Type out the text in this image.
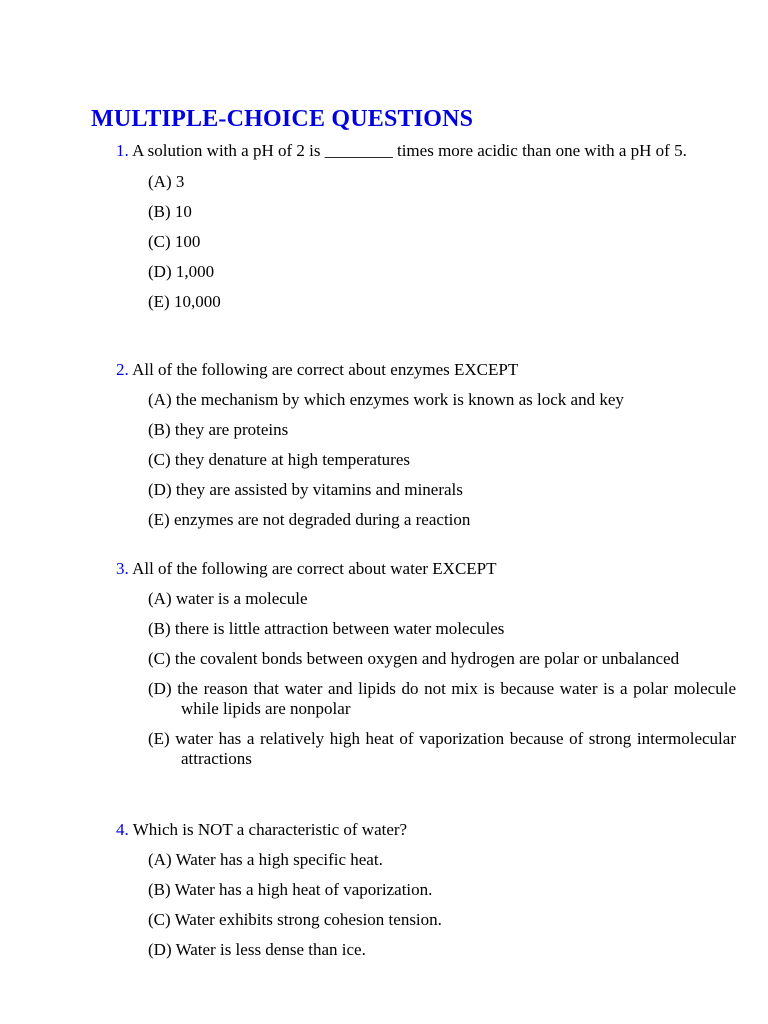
MULTIPLE-CHOICE QUESTIONS
1. A solution with a pH of 2 is ________ times more acidic than one with a pH of 5.
(A) 3
(B) 10
(C) 100
(D) 1,000
(E) 10,000
2. All of the following are correct about enzymes EXCEPT
(A) the mechanism by which enzymes work is known as lock and key
(B) they are proteins
(C) they denature at high temperatures
(D) they are assisted by vitamins and minerals
(E) enzymes are not degraded during a reaction
3. All of the following are correct about water EXCEPT
(A) water is a molecule
(B) there is little attraction between water molecules
(C) the covalent bonds between oxygen and hydrogen are polar or unbalanced
(D) the reason that water and lipids do not mix is because water is a polar molecule while lipids are nonpolar
(E) water has a relatively high heat of vaporization because of strong intermolecular attractions
4. Which is NOT a characteristic of water?
(A) Water has a high specific heat.
(B) Water has a high heat of vaporization.
(C) Water exhibits strong cohesion tension.
(D) Water is less dense than ice.
